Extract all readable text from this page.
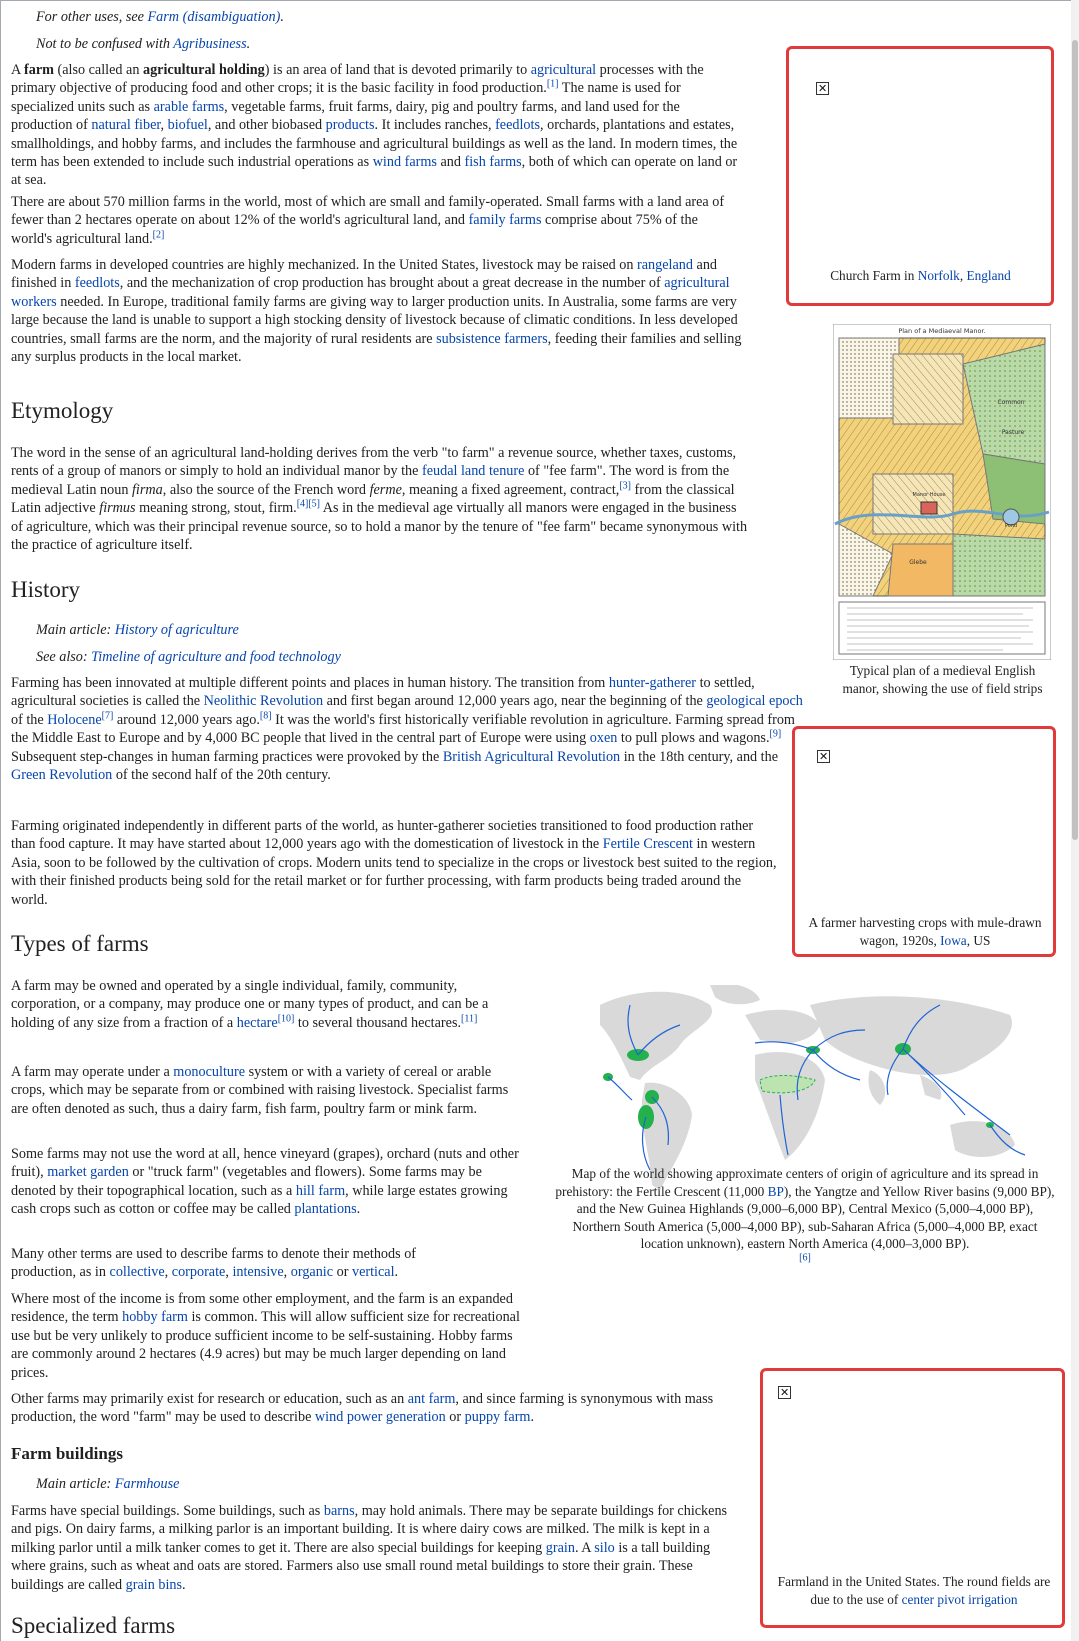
For other uses, see Farm (disambiguation).
Not to be confused with Agribusiness.

A farm (also called an agricultural holding) is an area of land that is devoted primarily to agricultural processes with the primary objective of producing food and other crops; it is the basic facility in food production.[1] The name is used for specialized units such as arable farms, vegetable farms, fruit farms, dairy, pig and poultry farms, and land used for the production of natural fiber, biofuel, and other biobased products. It includes ranches, feedlots, orchards, plantations and estates, smallholdings, and hobby farms, and includes the farmhouse and agricultural buildings as well as the land. In modern times, the term has been extended to include such industrial operations as wind farms and fish farms, both of which can operate on land or at sea.

There are about 570 million farms in the world, most of which are small and family-operated. Small farms with a land area of fewer than 2 hectares operate on about 12% of the world's agricultural land, and family farms comprise about 75% of the world's agricultural land.[2]

Modern farms in developed countries are highly mechanized. In the United States, livestock may be raised on rangeland and finished in feedlots, and the mechanization of crop production has brought about a great decrease in the number of agricultural workers needed. In Europe, traditional family farms are giving way to larger production units. In Australia, some farms are very large because the land is unable to support a high stocking density of livestock because of climatic conditions. In less developed countries, small farms are the norm, and the majority of rural residents are subsistence farmers, feeding their families and selling any surplus products in the local market.

Etymology

The word in the sense of an agricultural land-holding derives from the verb "to farm" a revenue source, whether taxes, customs, rents of a group of manors or simply to hold an individual manor by the feudal land tenure of "fee farm". The word is from the medieval Latin noun firma, also the source of the French word ferme, meaning a fixed agreement, contract,[3] from the classical Latin adjective firmus meaning strong, stout, firm.[4][5] As in the medieval age virtually all manors were engaged in the business of agriculture, which was their principal revenue source, so to hold a manor by the tenure of "fee farm" became synonymous with the practice of agriculture itself.

History
Main article: History of agriculture
See also: Timeline of agriculture and food technology

Farming has been innovated at multiple different points and places in human history. The transition from hunter-gatherer to settled, agricultural societies is called the Neolithic Revolution and first began around 12,000 years ago, near the beginning of the geological epoch of the Holocene[7] around 12,000 years ago.[8] It was the world's first historically verifiable revolution in agriculture. Farming spread from the Middle East to Europe and by 4,000 BC people that lived in the central part of Europe were using oxen to pull plows and wagons.[9] Subsequent step-changes in human farming practices were provoked by the British Agricultural Revolution in the 18th century, and the Green Revolution of the second half of the 20th century.

Farming originated independently in different parts of the world, as hunter-gatherer societies transitioned to food production rather than food capture. It may have started about 12,000 years ago with the domestication of livestock in the Fertile Crescent in western Asia, soon to be followed by the cultivation of crops. Modern units tend to specialize in the crops or livestock best suited to the region, with their finished products being sold for the retail market or for further processing, with farm products being traded around the world.

Types of farms

A farm may be owned and operated by a single individual, family, community, corporation, or a company, may produce one or many types of product, and can be a holding of any size from a fraction of a hectare[10] to several thousand hectares.[11]

A farm may operate under a monoculture system or with a variety of cereal or arable crops, which may be separate from or combined with raising livestock. Specialist farms are often denoted as such, thus a dairy farm, fish farm, poultry farm or mink farm.

Some farms may not use the word at all, hence vineyard (grapes), orchard (nuts and other fruit), market garden or "truck farm" (vegetables and flowers). Some farms may be denoted by their topographical location, such as a hill farm, while large estates growing cash crops such as cotton or coffee may be called plantations.

Many other terms are used to describe farms to denote their methods of production, as in collective, corporate, intensive, organic or vertical.

Where most of the income is from some other employment, and the farm is an expanded residence, the term hobby farm is common. This will allow sufficient size for recreational use but be very unlikely to produce sufficient income to be self-sustaining. Hobby farms are commonly around 2 hectares (4.9 acres) but may be much larger depending on land prices.

Other farms may primarily exist for research or education, such as an ant farm, and since farming is synonymous with mass production, the word "farm" may be used to describe wind power generation or puppy farm.

Farm buildings
Main article: Farmhouse

Farms have special buildings. Some buildings, such as barns, may hold animals. There may be separate buildings for chickens and pigs. On dairy farms, a milking parlor is an important building. It is where dairy cows are milked. The milk is kept in a milking parlor until a milk tanker comes to get it. There are also special buildings for keeping grain. A silo is a tall building where grains, such as wheat and oats are stored. Farmers also use small round metal buildings to store their grain. These buildings are called grain bins.

Specialized farms
✕
Church Farm in Norfolk, England
Plan of a Mediaeval Manor.
Common
Pasture
Manor House
Glebe
Pond
Typical plan of a medieval English manor, showing the use of field strips
✕
A farmer harvesting crops with mule-drawn wagon, 1920s, Iowa, US
Map of the world showing approximate centers of origin of agriculture and its spread in prehistory: the Fertile Crescent (11,000 BP), the Yangtze and Yellow River basins (9,000 BP), and the New Guinea Highlands (9,000–6,000 BP), Central Mexico (5,000–4,000 BP), Northern South America (5,000–4,000 BP), sub-Saharan Africa (5,000–4,000 BP, exact location unknown), eastern North America (4,000–3,000 BP).
[6]
✕
Farmland in the United States. The round fields are due to the use of center pivot irrigation
